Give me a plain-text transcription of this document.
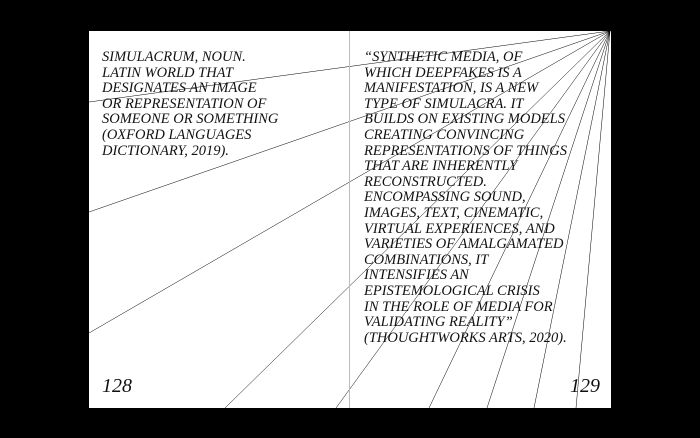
SIMULACRUM, NOUN.
LATIN WORLD THAT
DESIGNATES AN IMAGE
OR REPRESENTATION OF
SOMEONE OR SOMETHING
(OXFORD LANGUAGES
DICTIONARY, 2019).

128

“SYNTHETIC MEDIA, OF
WHICH DEEPFAKES IS A
MANIFESTATION, IS A NEW
TYPE OF SIMULACRA. IT
BUILDS ON EXISTING MODELS
CREATING CONVINCING
REPRESENTATIONS OF THINGS
THAT ARE INHERENTLY
RECONSTRUCTED.
ENCOMPASSING SOUND,
IMAGES, TEXT, CINEMATIC,
VIRTUAL EXPERIENCES, AND
VARIETIES OF AMALGAMATED
COMBINATIONS, IT
INTENSIFIES AN
EPISTEMOLOGICAL CRISIS
IN THE ROLE OF MEDIA FOR
VALIDATING REALITY”
(THOUGHTWORKS ARTS, 2020).

129
